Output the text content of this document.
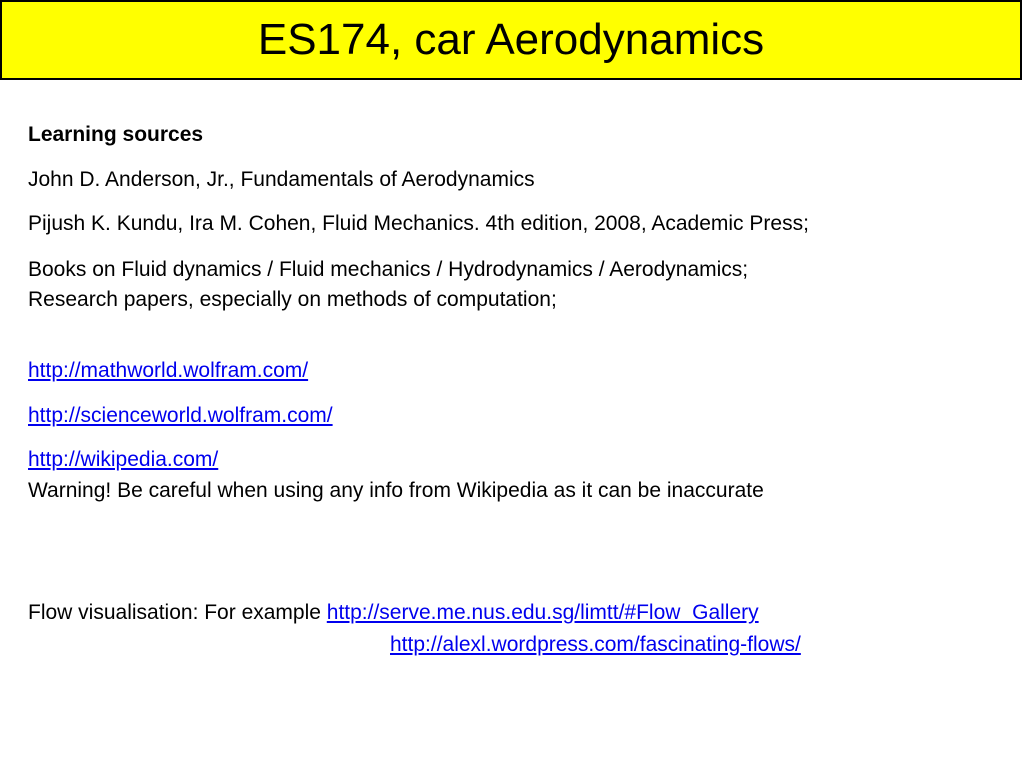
ES174, car Aerodynamics
Learning sources
John D. Anderson, Jr., Fundamentals of Aerodynamics
Pijush K. Kundu, Ira M. Cohen, Fluid Mechanics. 4th edition, 2008, Academic Press;
Books on Fluid dynamics / Fluid mechanics / Hydrodynamics / Aerodynamics;
Research papers, especially on methods of computation;
http://mathworld.wolfram.com/
http://scienceworld.wolfram.com/
http://wikipedia.com/
Warning! Be careful when using any info from Wikipedia as it can be inaccurate
Flow visualisation: For example http://serve.me.nus.edu.sg/limtt/#Flow_Gallery
http://alexl.wordpress.com/fascinating-flows/
